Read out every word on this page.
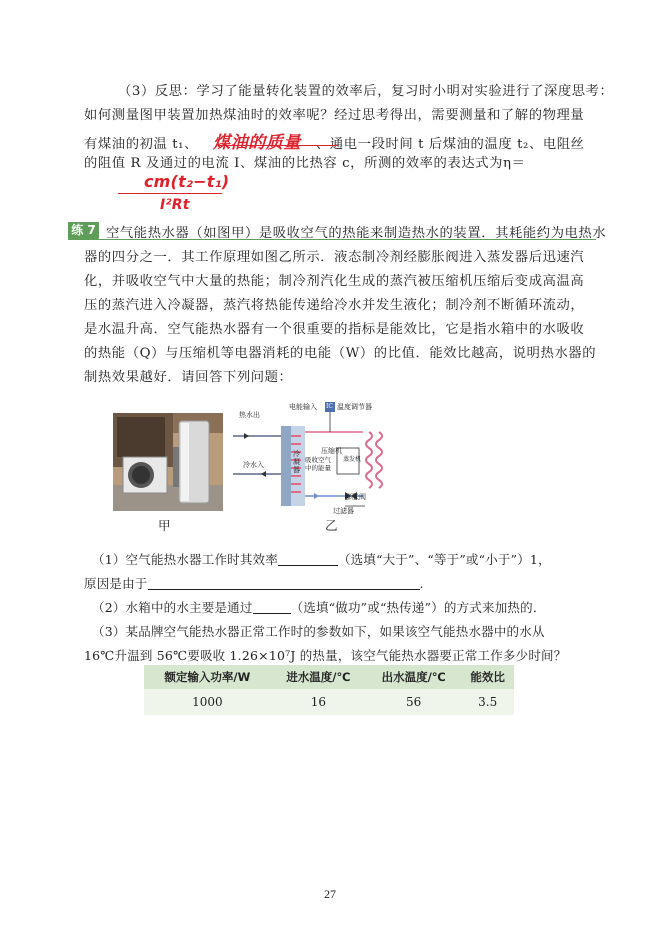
（3）反思：学习了能量转化装置的效率后，复习时小明对实验进行了深度思考：
如何测量图甲装置加热煤油时的效率呢？经过思考得出，需要测量和了解的物理量
有煤油的初温 t₁、 煤油的质量 、通电一段时间 t 后煤油的温度 t₂、电阻丝
的阻值 R 及通过的电流 I、煤油的比热容 c，所测的效率的表达式为η＝
cm(t₂−t₁)
I²Rt
练 7 空气能热水器（如图甲）是吸收空气的热能来制造热水的装置．其耗能约为电热水
器的四分之一．其工作原理如图乙所示．液态制冷剂经膨胀阀进入蒸发器后迅速汽
化，并吸收空气中大量的热能；制冷剂汽化生成的蒸汽被压缩机压缩后变成高温高
压的蒸汽进入冷凝器，蒸汽将热能传递给冷水并发生液化；制冷剂不断循环流动，
是水温升高．空气能热水器有一个很重要的指标是能效比，它是指水箱中的水吸收
的热能（Q）与压缩机等电器消耗的电能（W）的比值．能效比越高，说明热水器的
制热效果越好．请回答下列问题：
甲
热水出
电能输入 IC 温度调节器
冷水入
冷凝器
吸收空气中的能量
压缩机
蒸发机
膨胀阀
过滤器
乙
（1）空气能热水器工作时其效率	（选填“大于”、“等于”或“小于”）1，
原因是由于	.
（2）水箱中的水主要是通过	（选填“做功”或“热传递”）的方式来加热的．
（3）某品牌空气能热水器正常工作时的参数如下，如果该空气能热水器中的水从
16℃升温到 56℃要吸收 1.26×10⁷J 的热量，该空气能热水器要正常工作多少时间？
额定输入功率/W	进水温度/℃	出水温度/℃	能效比
1000	16	56	3.5
27
